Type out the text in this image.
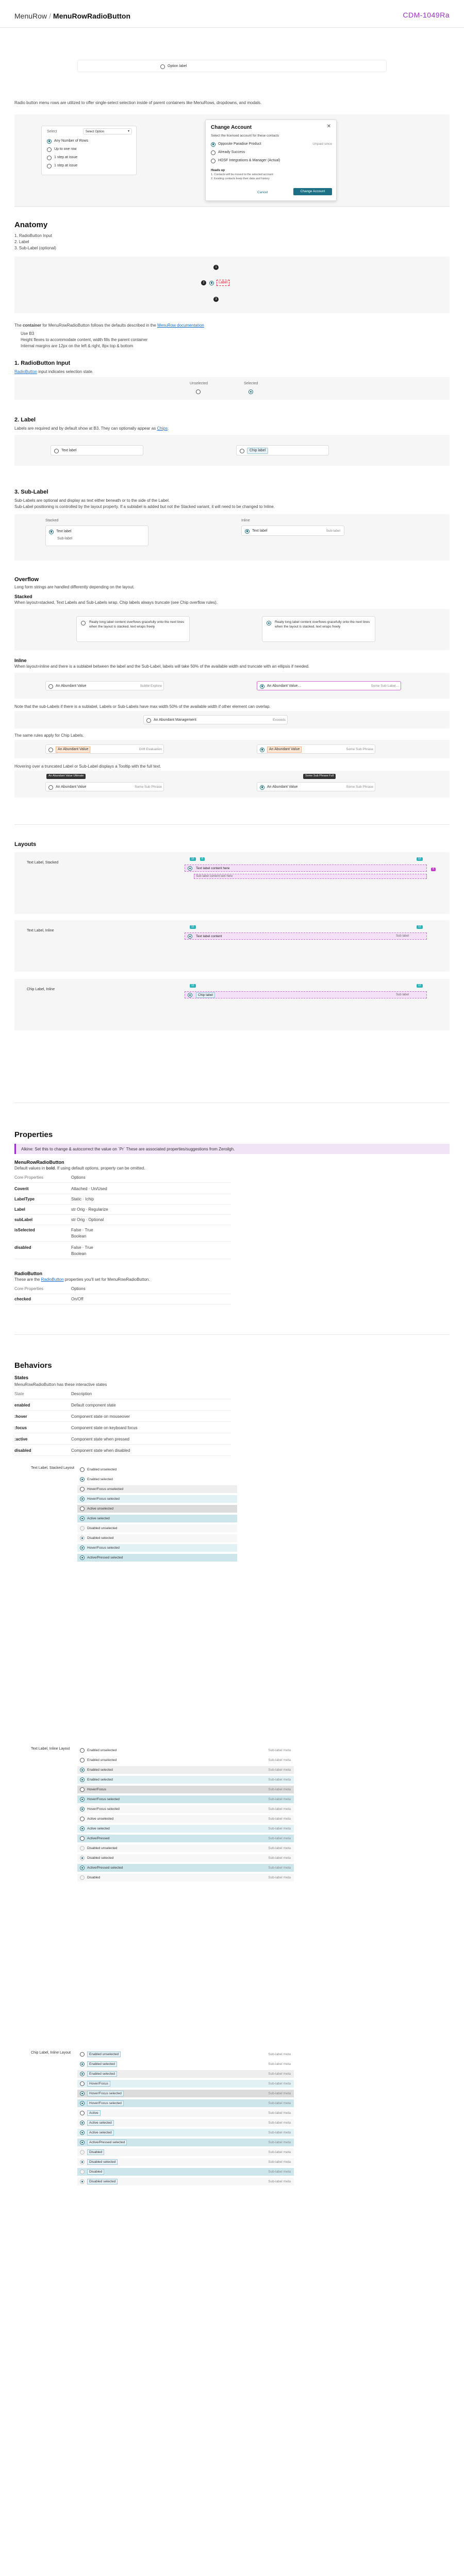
MenuRow / MenuRowRadioButton	CDM-1049Ra
Option label
Radio button menu rows are utilized to offer single-select selection inside of parent containers like MenuRows, dropdowns, and modals.
Select	Select Option	▾
Any Number of Rows
Up to one row
1 step at issue
1 step at issue
Change Account	✕
Select the licensed account for these contacts
Opposite Paradise Product	Unpaid since
Already Success
HOSF Integrations & Manager (Actual)
Heads up
1. Contacts will be moved to the selected account
2. Existing contacts keep their data and history
Cancel	Change Account
Anatomy
1. RadioButton Input
2. Label
3. Sub-Label (optional)
1
2
3
Label
The container for MenuRowRadioButton follows the defaults described in the MenuRow documentation
Use B3
Height flexes to accommodate content, width fills the parent container
Internal margins are 12px on the left & right, 8px top & bottom
1. RadioButton Input
RadioButton input indicates selection state.
Unselected	Selected
2. Label
Labels are required and by default show at B3. They can optionally appear as Chips.
Text label	Chip label
3. Sub-Label
Sub-Labels are optional and display as text either beneath or to the side of the Label.
Sub-Label positioning is controlled by the layout property. If a sublabel is added but not the Stacked variant, it will need to be changed to Inline.
Stacked	Inline
Text label
Sub-label
Text label	Sub-label
Overflow
Long form strings are handled differently depending on the layout.
Stacked
When layout=stacked, Text Labels and Sub-Labels wrap. Chip labels always truncate (see Chip overflow rules).
Really long label content overflows gracefully onto the next lines when the layout is stacked, text wraps freely
Really long label content overflows gracefully onto the next lines when the layout is stacked, text wraps freely
Inline
When layout=inline and there is a sublabel between the label and the Sub-Label, labels will take 50% of the available width and truncate with an ellipsis if needed.
An Abundant Value	Subtle Explore	An Abundant Value…	Some Sub Label…
Note that the sub-Labels if there is a sublabel, Labels or Sub-Labels have max width 50% of the available width if other element can overlap.
An Abundant Management	Exceeds
The same rules apply for Chip Labels.
An Abundant Value	Drift Evaluation	An Abundant Value	Some Sub Phrase
Hovering over a truncated Label or Sub-Label displays a Tooltip with the full text.
An Abundant Value Ultimate
An Abundant Value	Some Sub Phrase
Some Sub Phrase Full
An Abundant Value	Some Sub Phrase
Layouts
Text Label, Stacked
12	8	12
Text label content here
Sub label content text here
4
Text Label, Inline
12	12
Text label content	Sub label
Chip Label, Inline
12	12
Chip label	Sub label
Properties
Alkine: Set this to change & autocorrect the value on `Pr` These are associated properties/suggestions from Zeroilgh.
MenuRowRadioButton
Default values in bold. If using default options, property can be omitted.
Core Properties	Options
Coverit	Attached · Un/Used
LabelType	Static · Ichip
Label	str Orig · Regularize
subLabel	str Orig · Optional
isSelected	False · True
Boolean
disabled	False · True
Boolean
RadioButton
These are the RadioButton properties you'll set for MenuRowRadioButton.
Core Properties	Options
checked	On/Off
Behaviors
States
MenuRowRadioButton has these interactive states
State	Description
enabled	Default component state
:hover	Component state on mouseover
:focus	Component state on keyboard focus
:active	Component state when pressed
disabled	Component state when disabled
Text Label, Stacked Layout	Enabled unselected
Enabled selected
Hover/Focus unselected
Hover/Focus selected
Active unselected
Active selected
Disabled unselected
Disabled selected
Hover/Focus selected
Active/Pressed selected
Text Label, Inline Layout	Enabled unselected	Sub-label meta
Enabled unselected	Sub-label meta
Enabled selected	Sub-label meta
Enabled selected	Sub-label meta
Hover/Focus	Sub-label meta
Hover/Focus selected	Sub-label meta
Hover/Focus selected	Sub-label meta
Active unselected	Sub-label meta
Active selected	Sub-label meta
Active/Pressed	Sub-label meta
Disabled unselected	Sub-label meta
Disabled selected	Sub-label meta
Active/Pressed selected	Sub-label meta
Disabled	Sub-label meta
Chip Label, Inline Layout	Enabled unselected	Sub-label meta
Enabled selected	Sub-label meta
Enabled selected	Sub-label meta
Hover/Focus	Sub-label meta
Hover/Focus selected	Sub-label meta
Hover/Focus selected	Sub-label meta
Active	Sub-label meta
Active selected	Sub-label meta
Active selected	Sub-label meta
Active/Pressed selected	Sub-label meta
Disabled	Sub-label meta
Disabled selected	Sub-label meta
Disabled	Sub-label meta
Disabled selected	Sub-label meta
